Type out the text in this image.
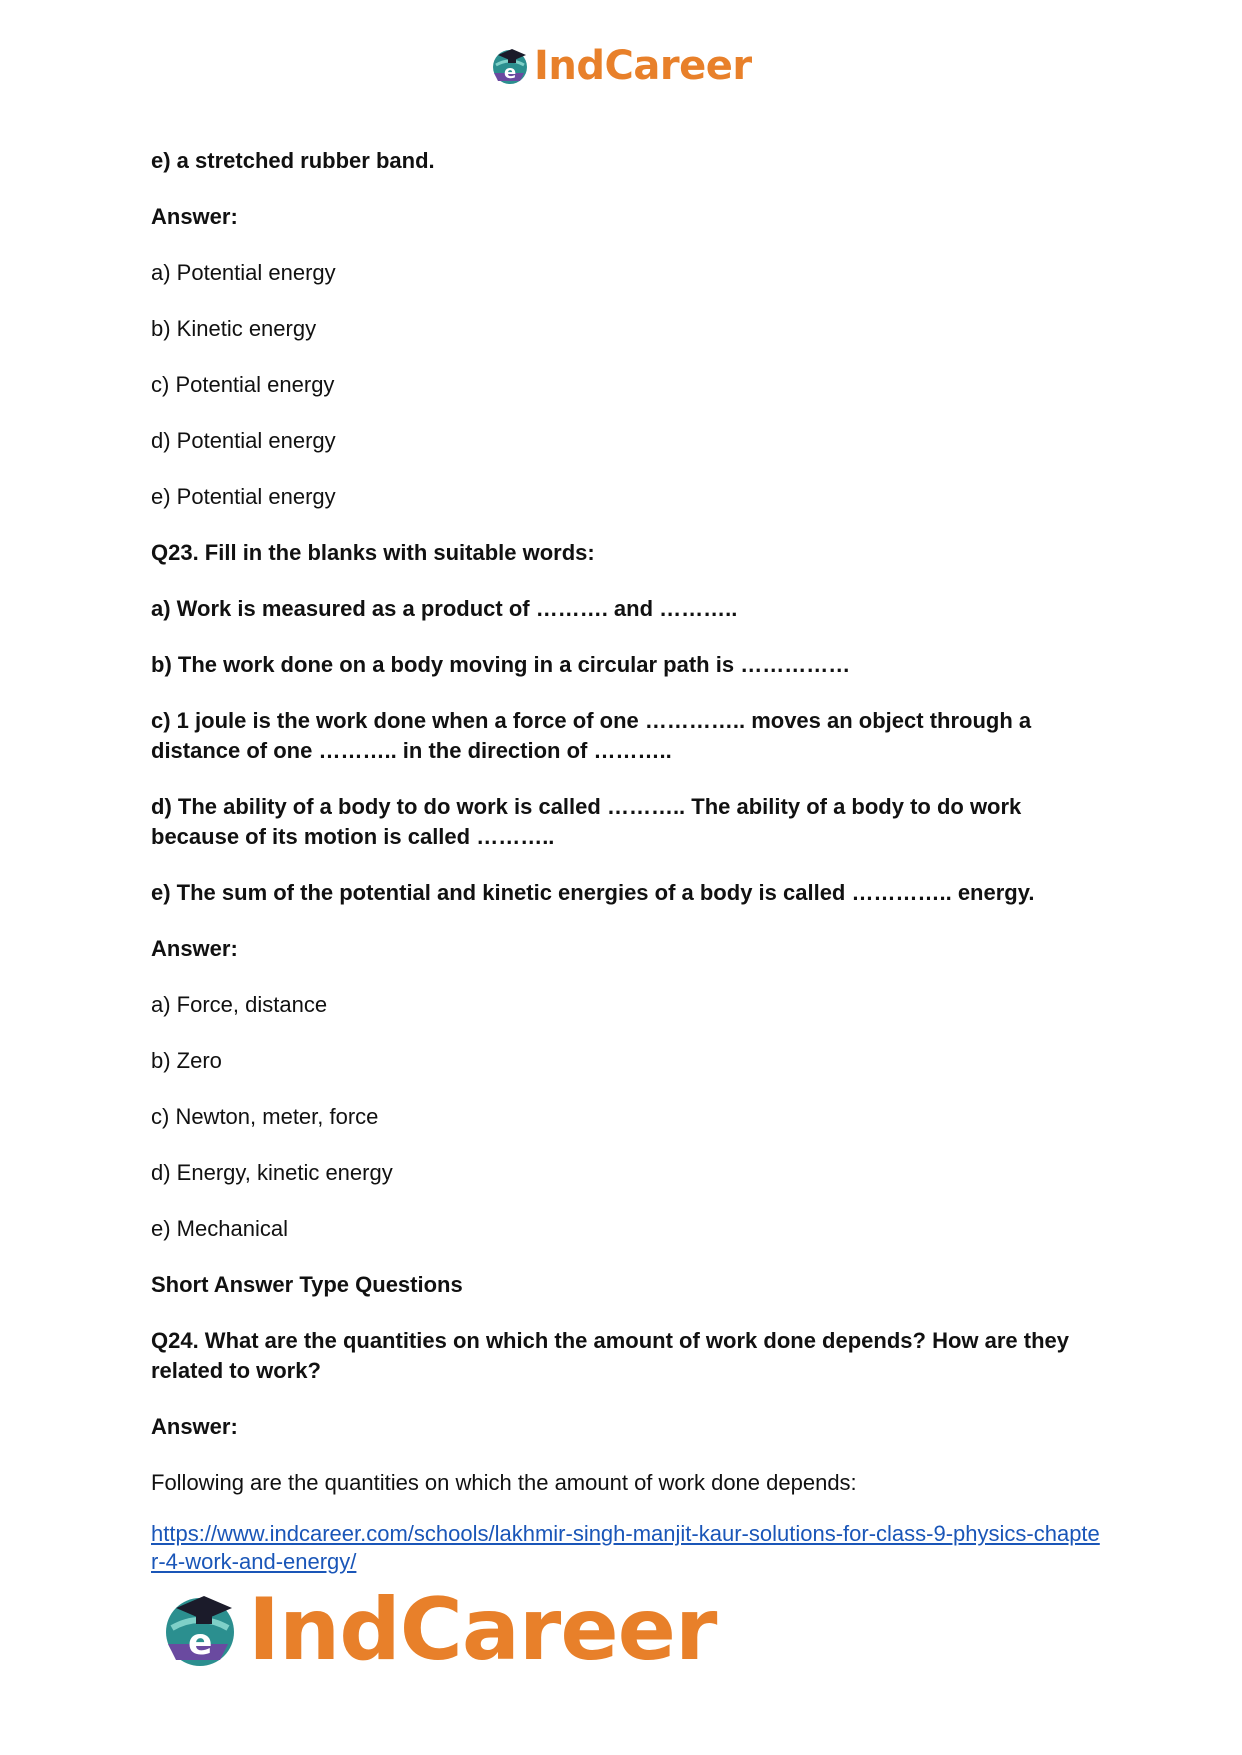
e IndCareer

e) a stretched rubber band.

Answer:

a) Potential energy

b) Kinetic energy

c) Potential energy

d) Potential energy

e) Potential energy

Q23. Fill in the blanks with suitable words:

a) Work is measured as a product of ………. and ………..

b) The work done on a body moving in a circular path is ……………

c) 1 joule is the work done when a force of one ………….. moves an object through a distance of one ……….. in the direction of ………..

d) The ability of a body to do work is called ……….. The ability of a body to do work because of its motion is called ………..

e) The sum of the potential and kinetic energies of a body is called ………….. energy.

Answer:

a) Force, distance

b) Zero

c) Newton, meter, force

d) Energy, kinetic energy

e) Mechanical

Short Answer Type Questions

Q24. What are the quantities on which the amount of work done depends? How are they related to work?

Answer:

Following are the quantities on which the amount of work done depends:

https://www.indcareer.com/schools/lakhmir-singh-manjit-kaur-solutions-for-class-9-physics-chapter-4-work-and-energy/

e IndCareer
